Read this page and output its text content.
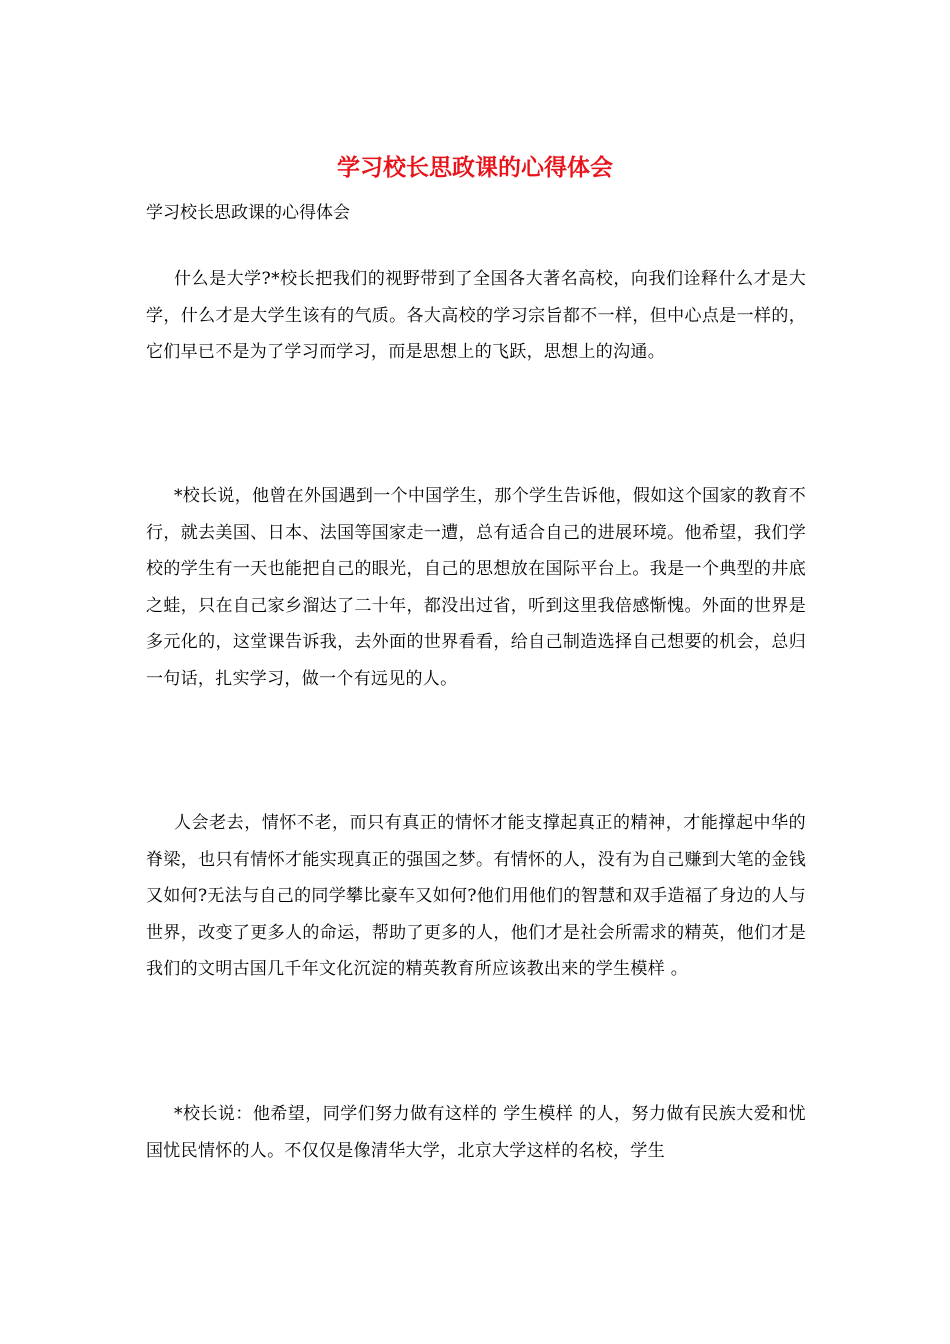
学习校长思政课的心得体会

学习校长思政课的心得体会

什么是大学?*校长把我们的视野带到了全国各大著名高校，向我们诠释什么才是大学，什么才是大学生该有的气质。各大高校的学习宗旨都不一样，但中心点是一样的，它们早已不是为了学习而学习，而是思想上的飞跃，思想上的沟通。

*校长说，他曾在外国遇到一个中国学生，那个学生告诉他，假如这个国家的教育不行，就去美国、日本、法国等国家走一遭，总有适合自己的进展环境。他希望，我们学校的学生有一天也能把自己的眼光，自己的思想放在国际平台上。我是一个典型的井底之蛙，只在自己家乡溜达了二十年，都没出过省，听到这里我倍感惭愧。外面的世界是多元化的，这堂课告诉我，去外面的世界看看，给自己制造选择自己想要的机会，总归一句话，扎实学习，做一个有远见的人。

人会老去，情怀不老，而只有真正的情怀才能支撑起真正的精神，才能撑起中华的脊梁，也只有情怀才能实现真正的强国之梦。有情怀的人，没有为自己赚到大笔的金钱又如何?无法与自己的同学攀比豪车又如何?他们用他们的智慧和双手造福了身边的人与世界，改变了更多人的命运，帮助了更多的人，他们才是社会所需求的精英，他们才是我们的文明古国几千年文化沉淀的精英教育所应该教出来的学生模样 。

*校长说：他希望，同学们努力做有这样的 学生模样 的人，努力做有民族大爱和忧国忧民情怀的人。不仅仅是像清华大学，北京大学这样的名校，学生
